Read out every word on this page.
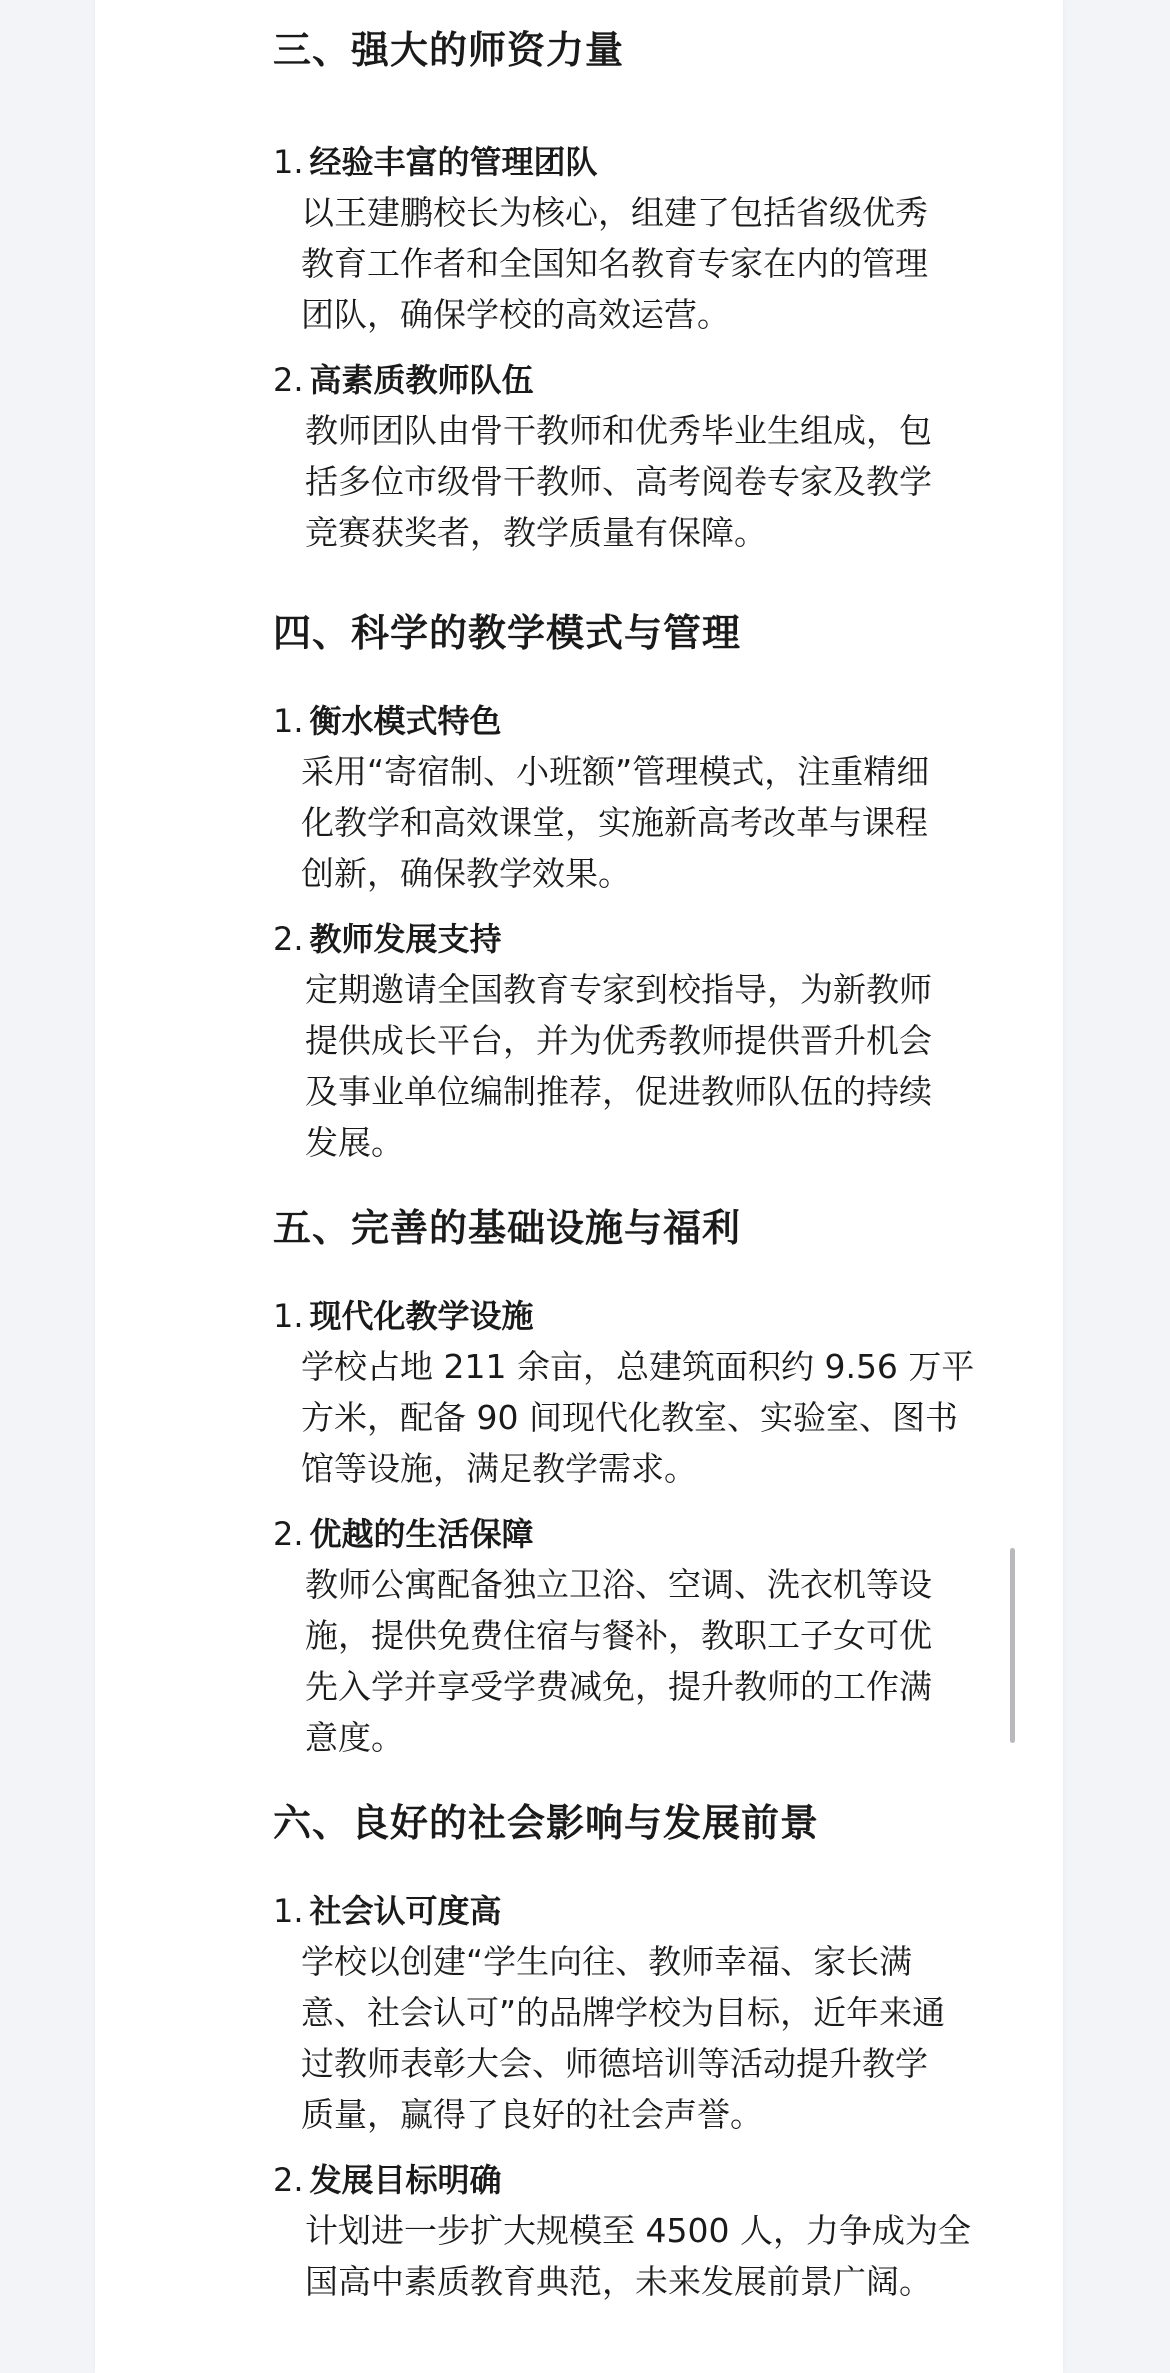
三、强大的师资力量
1. 经验丰富的管理团队
以王建鹏校长为核心，组建了包括省级优秀
教育工作者和全国知名教育专家在内的管理
团队，确保学校的高效运营。
2. 高素质教师队伍
教师团队由骨干教师和优秀毕业生组成，包
括多位市级骨干教师、高考阅卷专家及教学
竞赛获奖者，教学质量有保障。
四、科学的教学模式与管理
1. 衡水模式特色
采用“寄宿制、小班额”管理模式，注重精细
化教学和高效课堂，实施新高考改革与课程
创新，确保教学效果。
2. 教师发展支持
定期邀请全国教育专家到校指导，为新教师
提供成长平台，并为优秀教师提供晋升机会
及事业单位编制推荐，促进教师队伍的持续
发展。
五、完善的基础设施与福利
1. 现代化教学设施
学校占地 211 余亩，总建筑面积约 9.56 万平
方米，配备 90 间现代化教室、实验室、图书
馆等设施，满足教学需求。
2. 优越的生活保障
教师公寓配备独立卫浴、空调、洗衣机等设
施，提供免费住宿与餐补，教职工子女可优
先入学并享受学费减免，提升教师的工作满
意度。
六、良好的社会影响与发展前景
1. 社会认可度高
学校以创建“学生向往、教师幸福、家长满
意、社会认可”的品牌学校为目标，近年来通
过教师表彰大会、师德培训等活动提升教学
质量，赢得了良好的社会声誉。
2. 发展目标明确
计划进一步扩大规模至 4500 人，力争成为全
国高中素质教育典范，未来发展前景广阔。
